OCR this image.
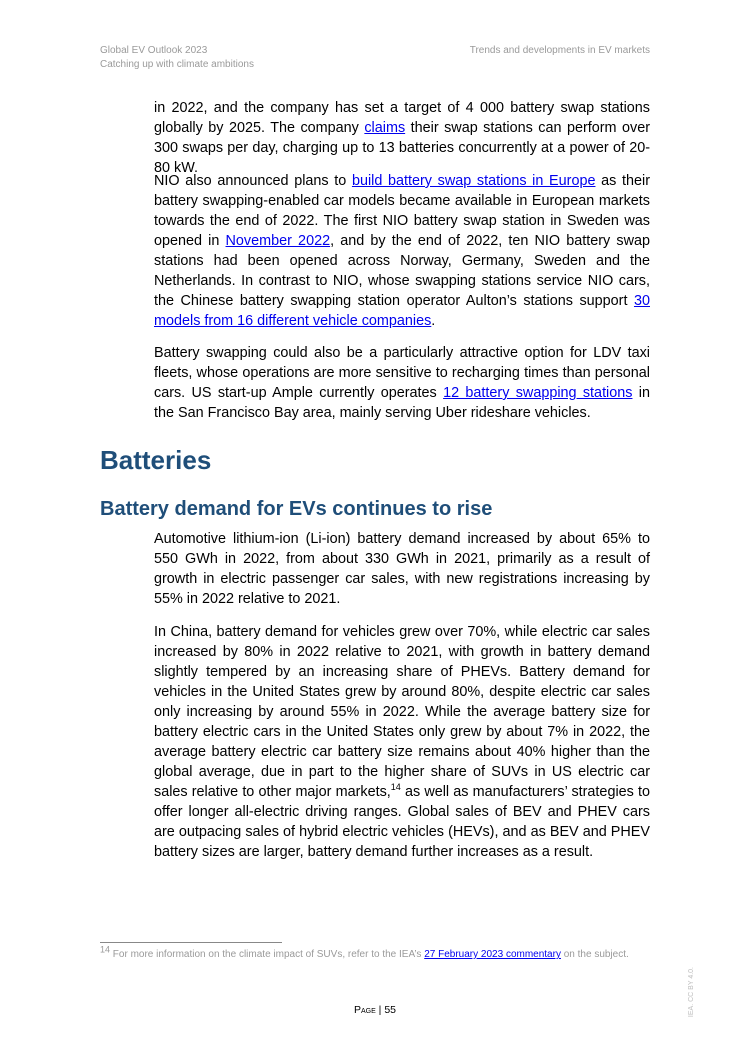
Global EV Outlook 2023
Catching up with climate ambitions
Trends and developments in EV markets

in 2022, and the company has set a target of 4 000 battery swap stations globally by 2025. The company claims their swap stations can perform over 300 swaps per day, charging up to 13 batteries concurrently at a power of 20-80 kW.

NIO also announced plans to build battery swap stations in Europe as their battery swapping-enabled car models became available in European markets towards the end of 2022. The first NIO battery swap station in Sweden was opened in November 2022, and by the end of 2022, ten NIO battery swap stations had been opened across Norway, Germany, Sweden and the Netherlands. In contrast to NIO, whose swapping stations service NIO cars, the Chinese battery swapping station operator Aulton’s stations support 30 models from 16 different vehicle companies.

Battery swapping could also be a particularly attractive option for LDV taxi fleets, whose operations are more sensitive to recharging times than personal cars. US start-up Ample currently operates 12 battery swapping stations in the San Francisco Bay area, mainly serving Uber rideshare vehicles.

Batteries
Battery demand for EVs continues to rise

Automotive lithium-ion (Li-ion) battery demand increased by about 65% to 550 GWh in 2022, from about 330 GWh in 2021, primarily as a result of growth in electric passenger car sales, with new registrations increasing by 55% in 2022 relative to 2021.

In China, battery demand for vehicles grew over 70%, while electric car sales increased by 80% in 2022 relative to 2021, with growth in battery demand slightly tempered by an increasing share of PHEVs. Battery demand for vehicles in the United States grew by around 80%, despite electric car sales only increasing by around 55% in 2022. While the average battery size for battery electric cars in the United States only grew by about 7% in 2022, the average battery electric car battery size remains about 40% higher than the global average, due in part to the higher share of SUVs in US electric car sales relative to other major markets,$^{14}$ as well as manufacturers’ strategies to offer longer all-electric driving ranges. Global sales of BEV and PHEV cars are outpacing sales of hybrid electric vehicles (HEVs), and as BEV and PHEV battery sizes are larger, battery demand further increases as a result.

$^{14}$ For more information on the climate impact of SUVs, refer to the IEA’s 27 February 2023 commentary on the subject.
Page | 55	IEA. CC BY 4.0.
